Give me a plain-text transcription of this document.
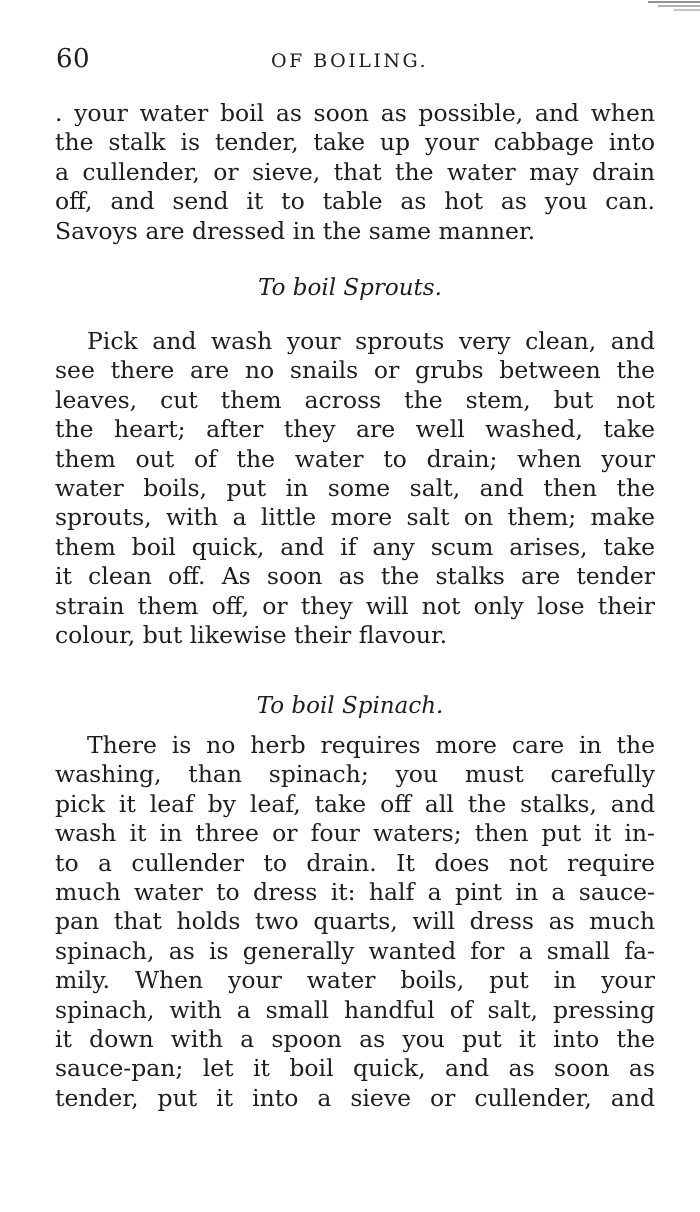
60	OF BOILING.
. your water boil as soon as possible, and when
the stalk is tender, take up your cabbage into
a cullender, or sieve, that the water may drain
off, and send it to table as hot as you can.
Savoys are dressed in the same manner.
To boil Sprouts.
Pick and wash your sprouts very clean, and
see there are no snails or grubs between the
leaves, cut them across the stem, but not
the heart; after they are well washed, take
them out of the water to drain; when your
water boils, put in some salt, and then the
sprouts, with a little more salt on them; make
them boil quick, and if any scum arises, take
it clean off. As soon as the stalks are tender
strain them off, or they will not only lose their
colour, but likewise their flavour.
To boil Spinach.
There is no herb requires more care in the
washing, than spinach; you must carefully
pick it leaf by leaf, take off all the stalks, and
wash it in three or four waters; then put it in-
to a cullender to drain. It does not require
much water to dress it: half a pint in a sauce-
pan that holds two quarts, will dress as much
spinach, as is generally wanted for a small fa-
mily. When your water boils, put in your
spinach, with a small handful of salt, pressing
it down with a spoon as you put it into the
sauce-pan; let it boil quick, and as soon as
tender, put it into a sieve or cullender, and
